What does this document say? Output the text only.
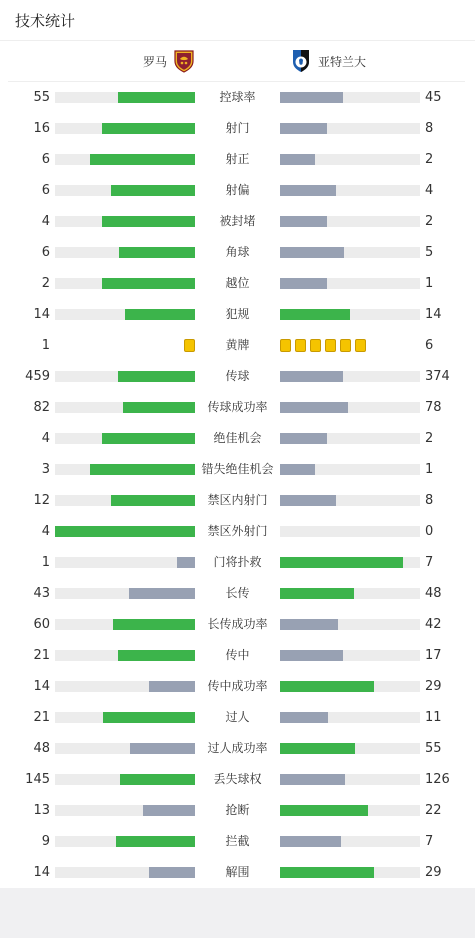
技术统计
罗马	亚特兰大
55	控球率	45
16	射门	8
6	射正	2
6	射偏	4
4	被封堵	2
6	角球	5
2	越位	1
14	犯规	14
1	黄牌	6
459	传球	374
82	传球成功率	78
4	绝佳机会	2
3	错失绝佳机会	1
12	禁区内射门	8
4	禁区外射门	0
1	门将扑救	7
43	长传	48
60	长传成功率	42
21	传中	17
14	传中成功率	29
21	过人	11
48	过人成功率	55
145	丢失球权	126
13	抢断	22
9	拦截	7
14	解围	29
